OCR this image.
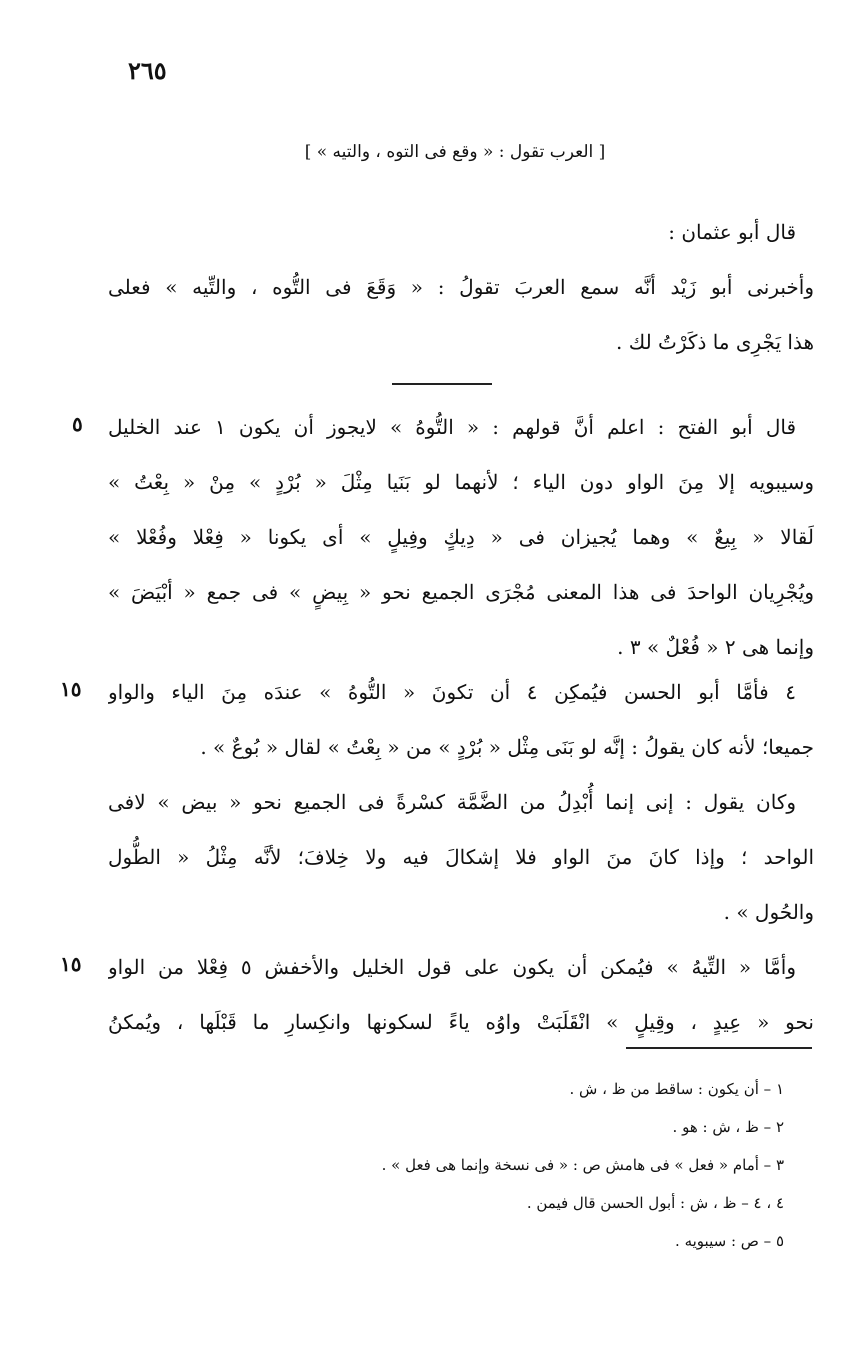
٢٦٥
[ العرب تقول : « وقع فى التوه ، والتيه » ]
قال أبو عثمان :
وأخبرنى أبو زَيْد أنَّه سمع العربَ تقولُ : « وَقَعَ فى التُّوه ، والتِّيه » فعلى
هذا يَجْرِى ما ذكَرْتُ لك .
قال أبو الفتح : اعلم أنَّ قولهم : « التُّوهُ » لايجوز أن يكون ١ عند الخليل
وسيبويه إلا مِنَ الواو دون الياء ؛ لأنهما لو بَنَيا مِثْلَ « بُرْدٍ » مِنْ « بِعْتُ »
لَقالا « بِيعٌ » وهما يُجيزان فى « دِيكٍ وفِيلٍ » أى يكونا « فِعْلا وفُعْلا »
ويُجْرِيان الواحدَ فى هذا المعنى مُجْرَى الجميع نحو « بِيضٍ » فى جمع « أبْيَضَ »
وإنما هى ٢ « فُعْلٌ » ٣ .
٤ فأمَّا أبو الحسن فيُمكِن ٤ أن تكونَ « التُّوهُ » عندَه مِنَ الياء والواو
جميعا؛ لأنه كان يقولُ : إنَّه لو بَنَى مِثْل « بُرْدٍ » من « بِعْتُ » لقال « بُوعٌ » .
وكان يقول : إنى إنما أُبْدِلُ من الضَّمَّة كسْرةً فى الجميع نحو « بيض » لافى
الواحد ؛ وإذا كانَ منَ الواو فلا إشكالَ فيه ولا خِلافَ؛ لأنَّه مِثْلُ « الطُّول
والحُول » .
وأمَّا « التِّيهُ » فيُمكن أن يكون على قول الخليل والأخفش ٥ فِعْلا من الواو
نحو « عِيدٍ ، وقِيلٍ » انْقَلَبَتْ واوُه ياءً لسكونها وانكِسارِ ما قَبْلَها ، ويُمكنُ
٥
١٥
١٥
١ – أن يكون : ساقط من ظ ، ش .
٢ – ظ ، ش : هو .
٣ – أمام « فعل » فى هامش ص : « فى نسخة وإنما هى فعل » .
٤ ، ٤ – ظ ، ش : أبول الحسن قال فيمن .
٥ – ص : سيبويه .
